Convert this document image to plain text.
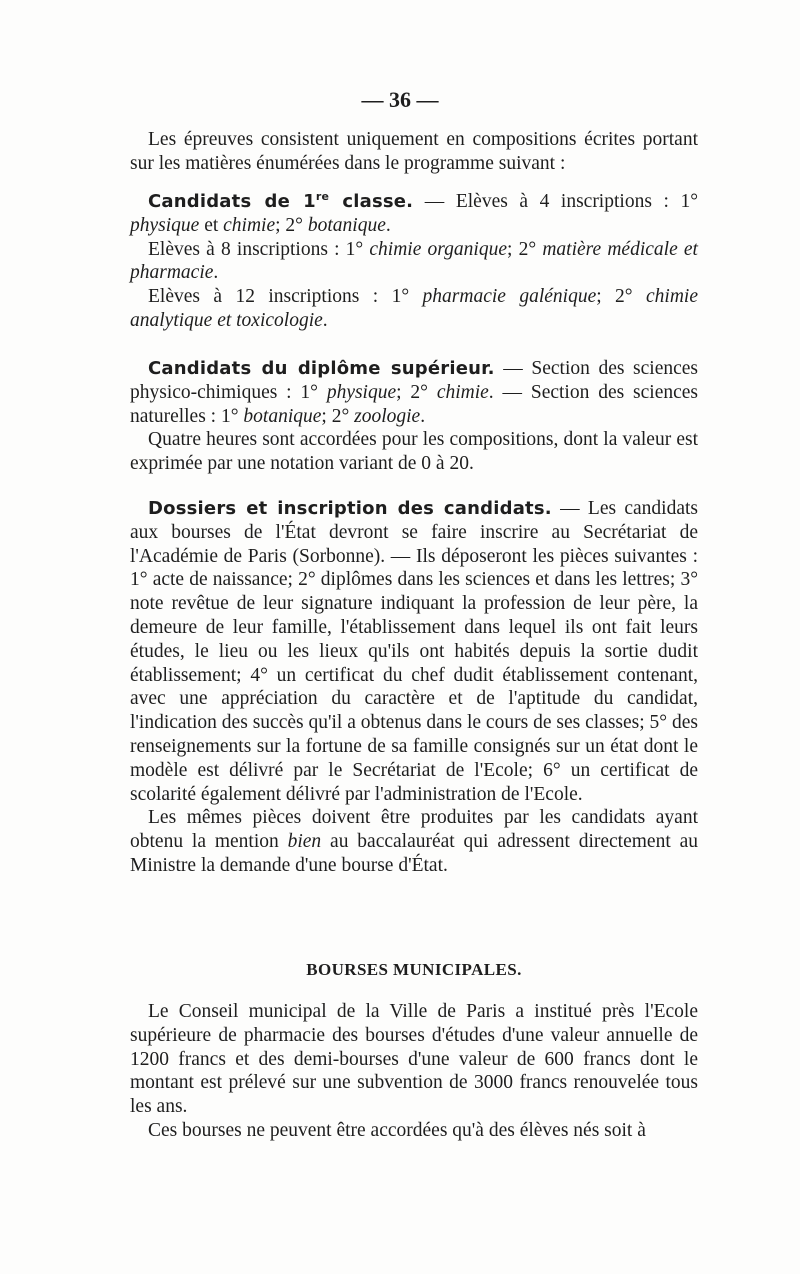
— 36 —

Les épreuves consistent uniquement en compositions écrites portant sur les matières énumérées dans le programme suivant :

Candidats de 1re classe. — Elèves à 4 inscriptions : 1° physique et chimie; 2° botanique.

Elèves à 8 inscriptions : 1° chimie organique; 2° matière médicale et pharmacie.

Elèves à 12 inscriptions : 1° pharmacie galénique; 2° chimie analytique et toxicologie.

Candidats du diplôme supérieur. — Section des sciences physico-chimiques : 1° physique; 2° chimie. — Section des sciences naturelles : 1° botanique; 2° zoologie.

Quatre heures sont accordées pour les compositions, dont la valeur est exprimée par une notation variant de 0 à 20.

Dossiers et inscription des candidats. — Les candidats aux bourses de l'État devront se faire inscrire au Secrétariat de l'Académie de Paris (Sorbonne). — Ils déposeront les pièces suivantes : 1° acte de naissance; 2° diplômes dans les sciences et dans les lettres; 3° note revêtue de leur signature indiquant la profession de leur père, la demeure de leur famille, l'établissement dans lequel ils ont fait leurs études, le lieu ou les lieux qu'ils ont habités depuis la sortie dudit établissement; 4° un certificat du chef dudit établissement contenant, avec une appréciation du caractère et de l'aptitude du candidat, l'indication des succès qu'il a obtenus dans le cours de ses classes; 5° des renseignements sur la fortune de sa famille consignés sur un état dont le modèle est délivré par le Secrétariat de l'Ecole; 6° un certificat de scolarité également délivré par l'administration de l'Ecole.

Les mêmes pièces doivent être produites par les candidats ayant obtenu la mention bien au baccalauréat qui adressent directement au Ministre la demande d'une bourse d'État.

BOURSES MUNICIPALES.

Le Conseil municipal de la Ville de Paris a institué près l'Ecole supérieure de pharmacie des bourses d'études d'une valeur annuelle de 1200 francs et des demi-bourses d'une valeur de 600 francs dont le montant est prélevé sur une subvention de 3000 francs renouvelée tous les ans.

Ces bourses ne peuvent être accordées qu'à des élèves nés soit à
